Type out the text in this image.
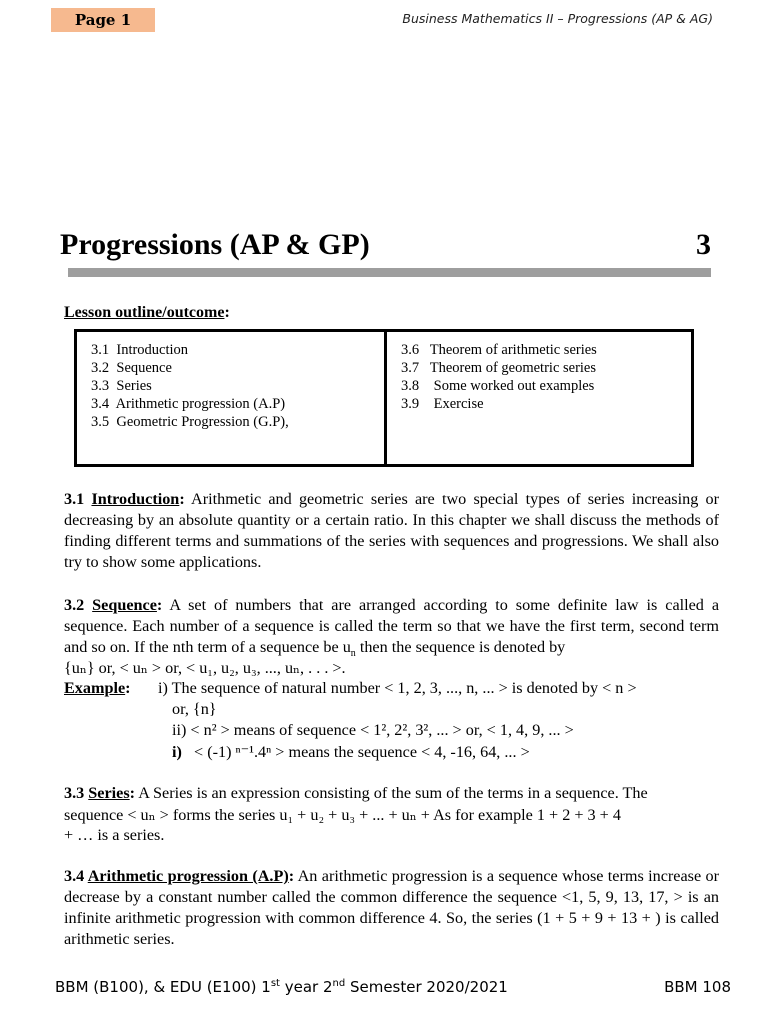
Page 1	Business Mathematics II – Progressions (AP & AG)
Progressions (AP & GP)	3
Lesson outline/outcome:
3.1  Introduction
3.2  Sequence
3.3  Series
3.4  Arithmetic progression (A.P)
3.5  Geometric Progression (G.P),
3.6   Theorem of arithmetic series
3.7   Theorem of geometric series
3.8    Some worked out examples
3.9    Exercise
3.1 Introduction: Arithmetic and geometric series are two special types of series increasing or decreasing by an absolute quantity or a certain ratio. In this chapter we shall discuss the methods of finding different terms and summations of the series with sequences and progressions. We shall also try to show some applications.
3.2 Sequence: A set of numbers that are arranged according to some definite law is called a sequence. Each number of a sequence is called the term so that we have the first term, second term and so on. If the nth term of a sequence be $u_n$ then the sequence is denoted by
{uₙ} or, < uₙ > or, < u₁, u₂, u₃, ..., uₙ, . . . >.
Example: i) The sequence of natural number < 1, 2, 3, ..., n, ... > is denoted by < n >
or, {n}
ii) < n² > means of sequence < 1², 2², 3², ... > or, < 1, 4, 9, ... >
i) < (-1) ⁿ⁻¹.4ⁿ > means the sequence < 4, -16, 64, ... >
3.3 Series: A Series is an expression consisting of the sum of the terms in a sequence. The
sequence < uₙ > forms the series u₁ + u₂ + u₃ + ... + uₙ + As for example 1 + 2 + 3 + 4
+ … is a series.
3.4 Arithmetic progression (A.P): An arithmetic progression is a sequence whose terms increase or decrease by a constant number called the common difference the sequence <1, 5, 9, 13, 17, > is an infinite arithmetic progression with common difference 4. So, the series (1 + 5 + 9 + 13 + ) is called arithmetic series.
BBM (B100), & EDU (E100) 1st year 2nd Semester 2020/2021	BBM 108
